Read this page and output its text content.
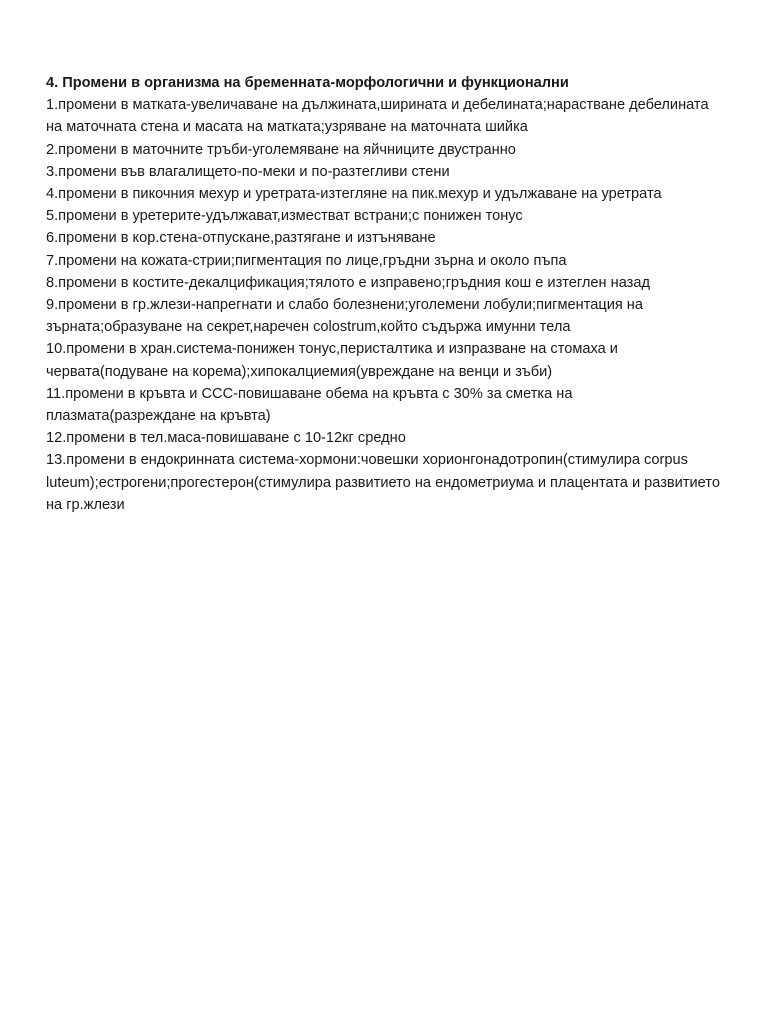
4. Промени в организма на бременната-морфологични и функционални

1.промени в матката-увеличаване на дължината,ширината и дебелината;нарастване дебелината на маточната стена и масата на матката;узряване на маточната шийка

2.промени в маточните тръби-уголемяване на яйчниците двустранно

3.промени във влагалището-по-меки и по-разтегливи стени

4.промени в пикочния мехур и уретрата-изтегляне на пик.мехур и удължаване на уретрата

5.промени в уретерите-удължават,изместват встрани;с понижен тонус

6.промени в кор.стена-отпускане,разтягане и изтъняване

7.промени на кожата-стрии;пигментация по лице,гръдни зърна и около пъпа

8.промени в костите-декалцификация;тялото е изправено;гръдния кош е изтеглен назад

9.промени в гр.жлези-напрегнати и слабо болезнени;уголемени лобули;пигментация на зърната;образуване на секрет,наречен colostrum,който съдържа имунни тела

10.промени в хран.система-понижен тонус,перисталтика и изпразване на стомаха и червата(подуване на корема);хипокалциемия(увреждане на венци и зъби)

11.промени в кръвта и ССС-повишаване обема на кръвта с 30% за сметка на плазмата(разреждане на кръвта)

12.промени в тел.маса-повишаване с 10-12кг средно

13.промени в ендокринната система-хормони:човешки хорионгонадотропин(стимулира corpus luteum);естрогени;прогестерон(стимулира развитието на ендометриума и плацентата и развитието на гр.жлези
